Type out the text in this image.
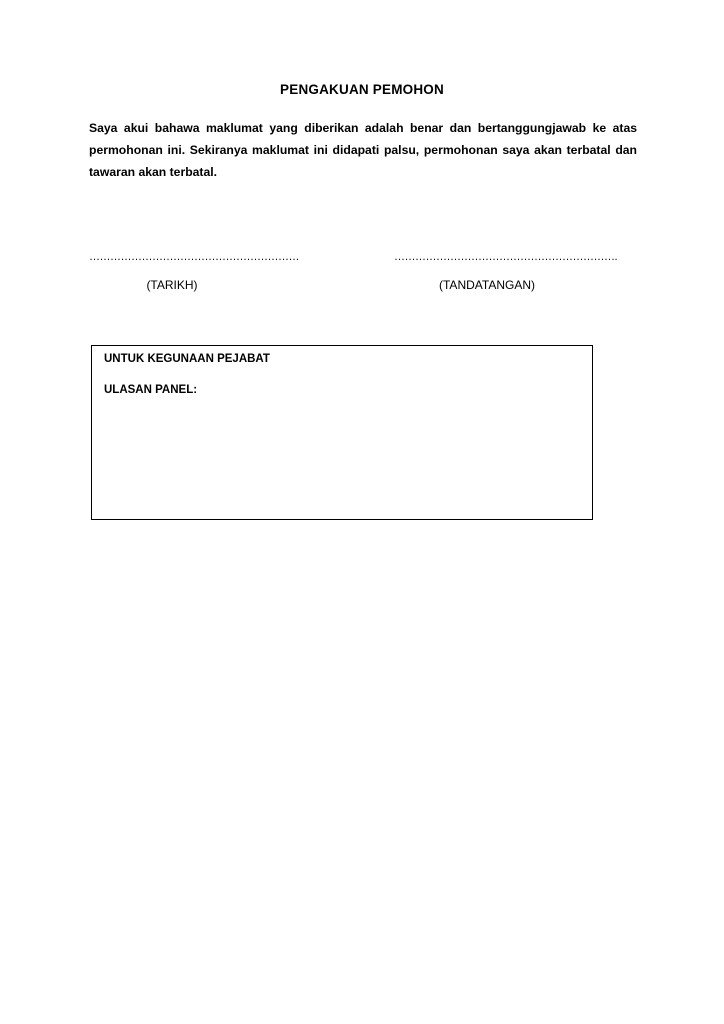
PENGAKUAN PEMOHON
Saya akui bahawa maklumat yang diberikan adalah benar dan bertanggungjawab ke atas permohonan ini. Sekiranya maklumat ini didapati palsu, permohonan saya akan terbatal dan tawaran akan terbatal.
……………………………………………………
(TARIKH)
……………………………………………………….
(TANDATANGAN)
UNTUK KEGUNAAN PEJABAT
ULASAN PANEL:
